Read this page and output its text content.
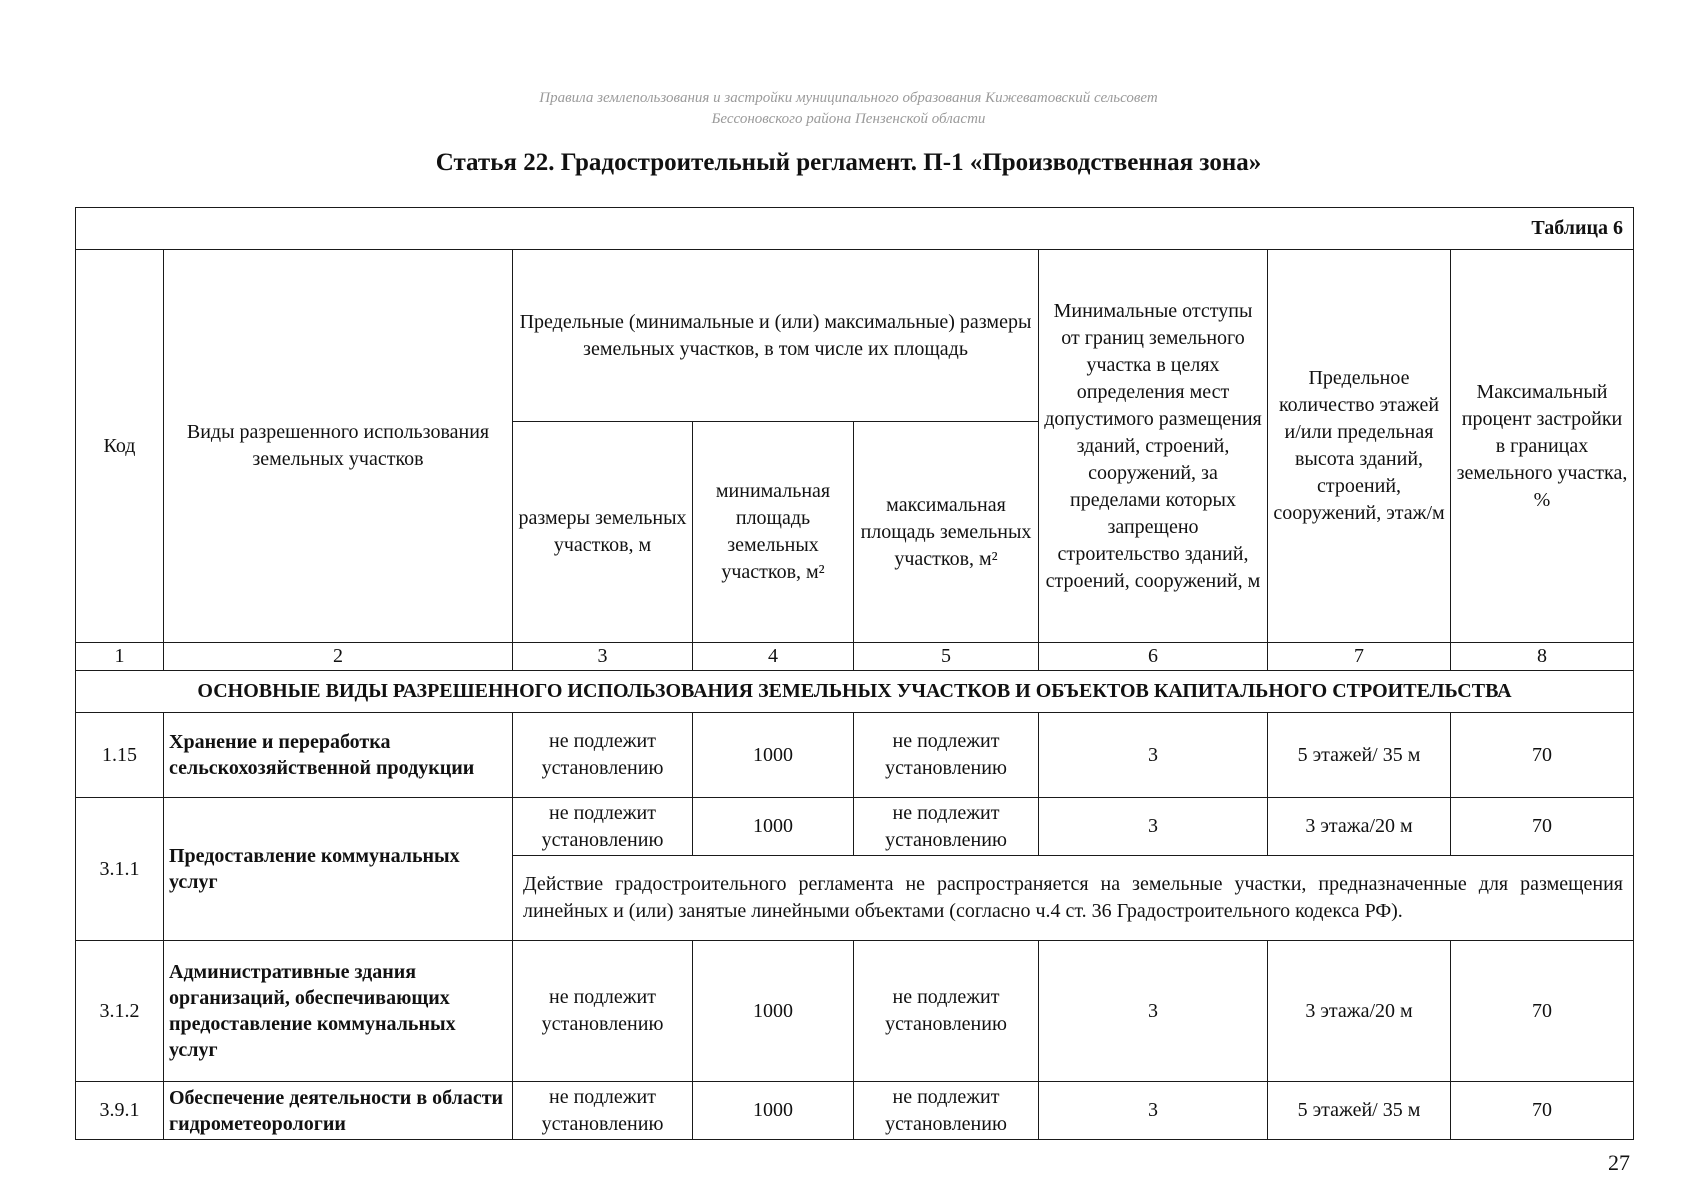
Правила землепользования и застройки муниципального образования Кижеватовский сельсовет
Бессоновского района Пензенской области
Статья 22. Градостроительный регламент. П-1 «Производственная зона»
Таблица 6							
Код	Виды разрешенного использования земельных участков	Предельные (минимальные и (или) максимальные) размеры земельных участков, в том числе их площадь			Минимальные отступы от границ земельного участка в целях определения мест допустимого размещения зданий, строений, сооружений, за пределами которых запрещено строительство зданий, строений, сооружений, м	Предельное количество этажей и/или предельная высота зданий, строений, сооружений, этаж/м	Максимальный процент застройки в границах земельного участка, %
		размеры земельных участков, м	минимальная площадь земельных участков, м²	максимальная площадь земельных участков, м²			
1	2	3	4	5	6	7	8
ОСНОВНЫЕ ВИДЫ РАЗРЕШЕННОГО ИСПОЛЬЗОВАНИЯ ЗЕМЕЛЬНЫХ УЧАСТКОВ И ОБЪЕКТОВ КАПИТАЛЬНОГО СТРОИТЕЛЬСТВА							
1.15	Хранение и переработка сельскохозяйственной продукции	не подлежит установлению	1000	не подлежит установлению	3	5 этажей/ 35 м	70
3.1.1	Предоставление коммунальных услуг	не подлежит установлению	1000	не подлежит установлению	3	3 этажа/20 м	70
		Действие градостроительного регламента не распространяется на земельные участки, предназначенные для размещения линейных и (или) занятые линейными объектами (согласно ч.4 ст. 36 Градостроительного кодекса РФ).					
3.1.2	Административные здания организаций, обеспечивающих предоставление коммунальных услуг	не подлежит установлению	1000	не подлежит установлению	3	3 этажа/20 м	70
3.9.1	Обеспечение деятельности в области гидрометеорологии	не подлежит установлению	1000	не подлежит установлению	3	5 этажей/ 35 м	70
27
